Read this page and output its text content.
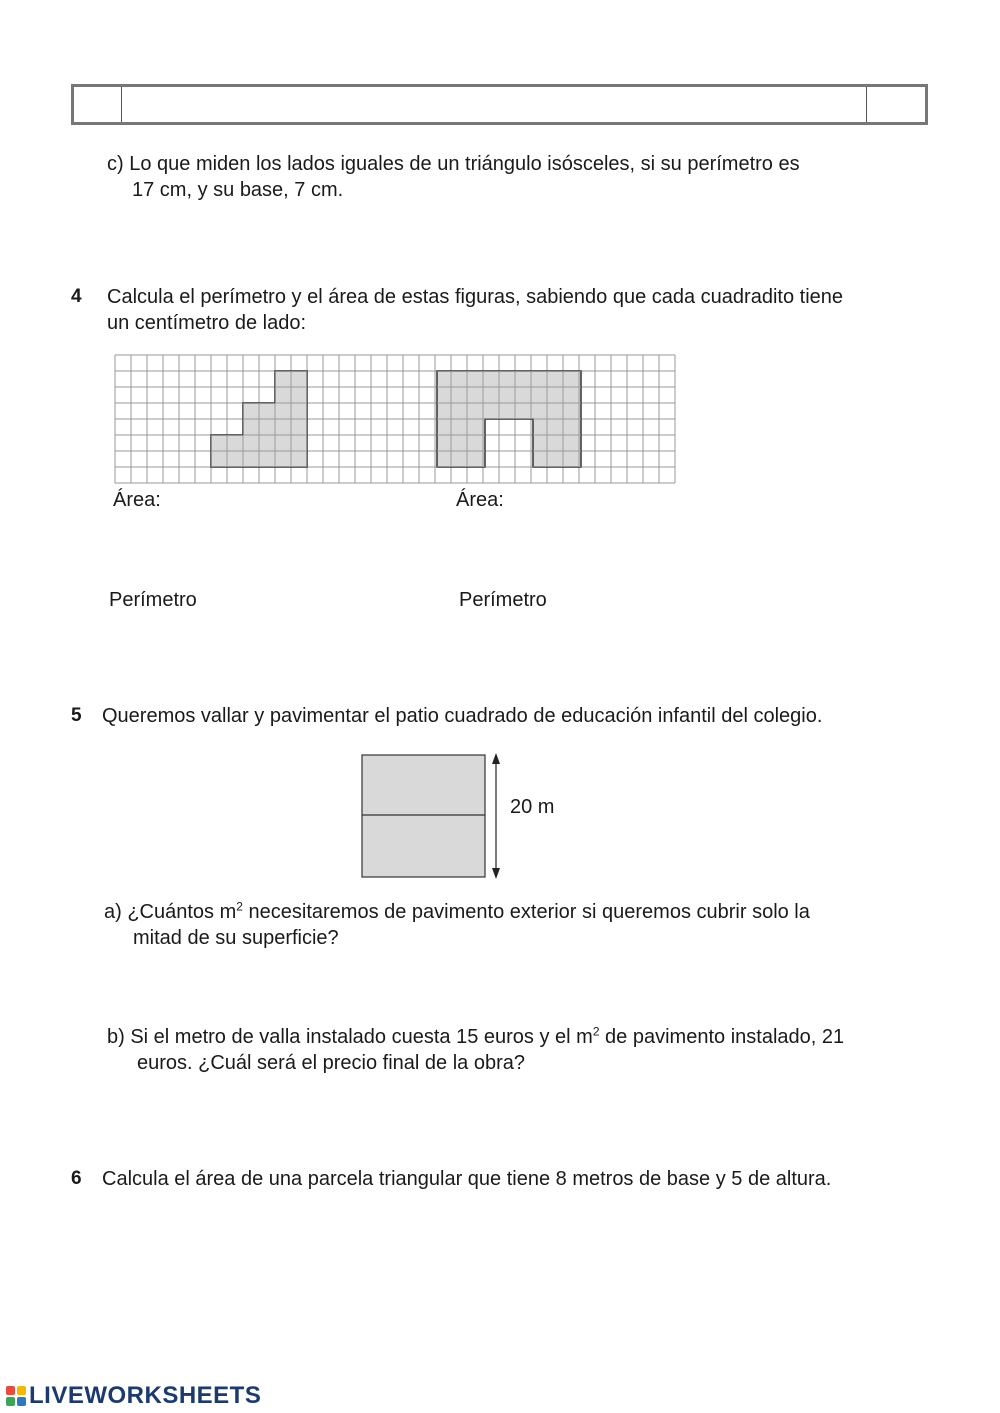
c) Lo que miden los lados iguales de un triángulo isósceles, si su perímetro es
17 cm, y su base, 7 cm.
4 Calcula el perímetro y el área de estas figuras, sabiendo que cada cuadradito tiene
un centímetro de lado:
Área:	Área:
Perímetro	Perímetro
5 Queremos vallar y pavimentar el patio cuadrado de educación infantil del colegio.
20 m
a) ¿Cuántos $m^2$ necesitaremos de pavimento exterior si queremos cubrir solo la
mitad de su superficie?
b) Si el metro de valla instalado cuesta 15 euros y el $m^2$ de pavimento instalado, 21
euros. ¿Cuál será el precio final de la obra?
6 Calcula el área de una parcela triangular que tiene 8 metros de base y 5 de altura.
LIVEWORKSHEETS
